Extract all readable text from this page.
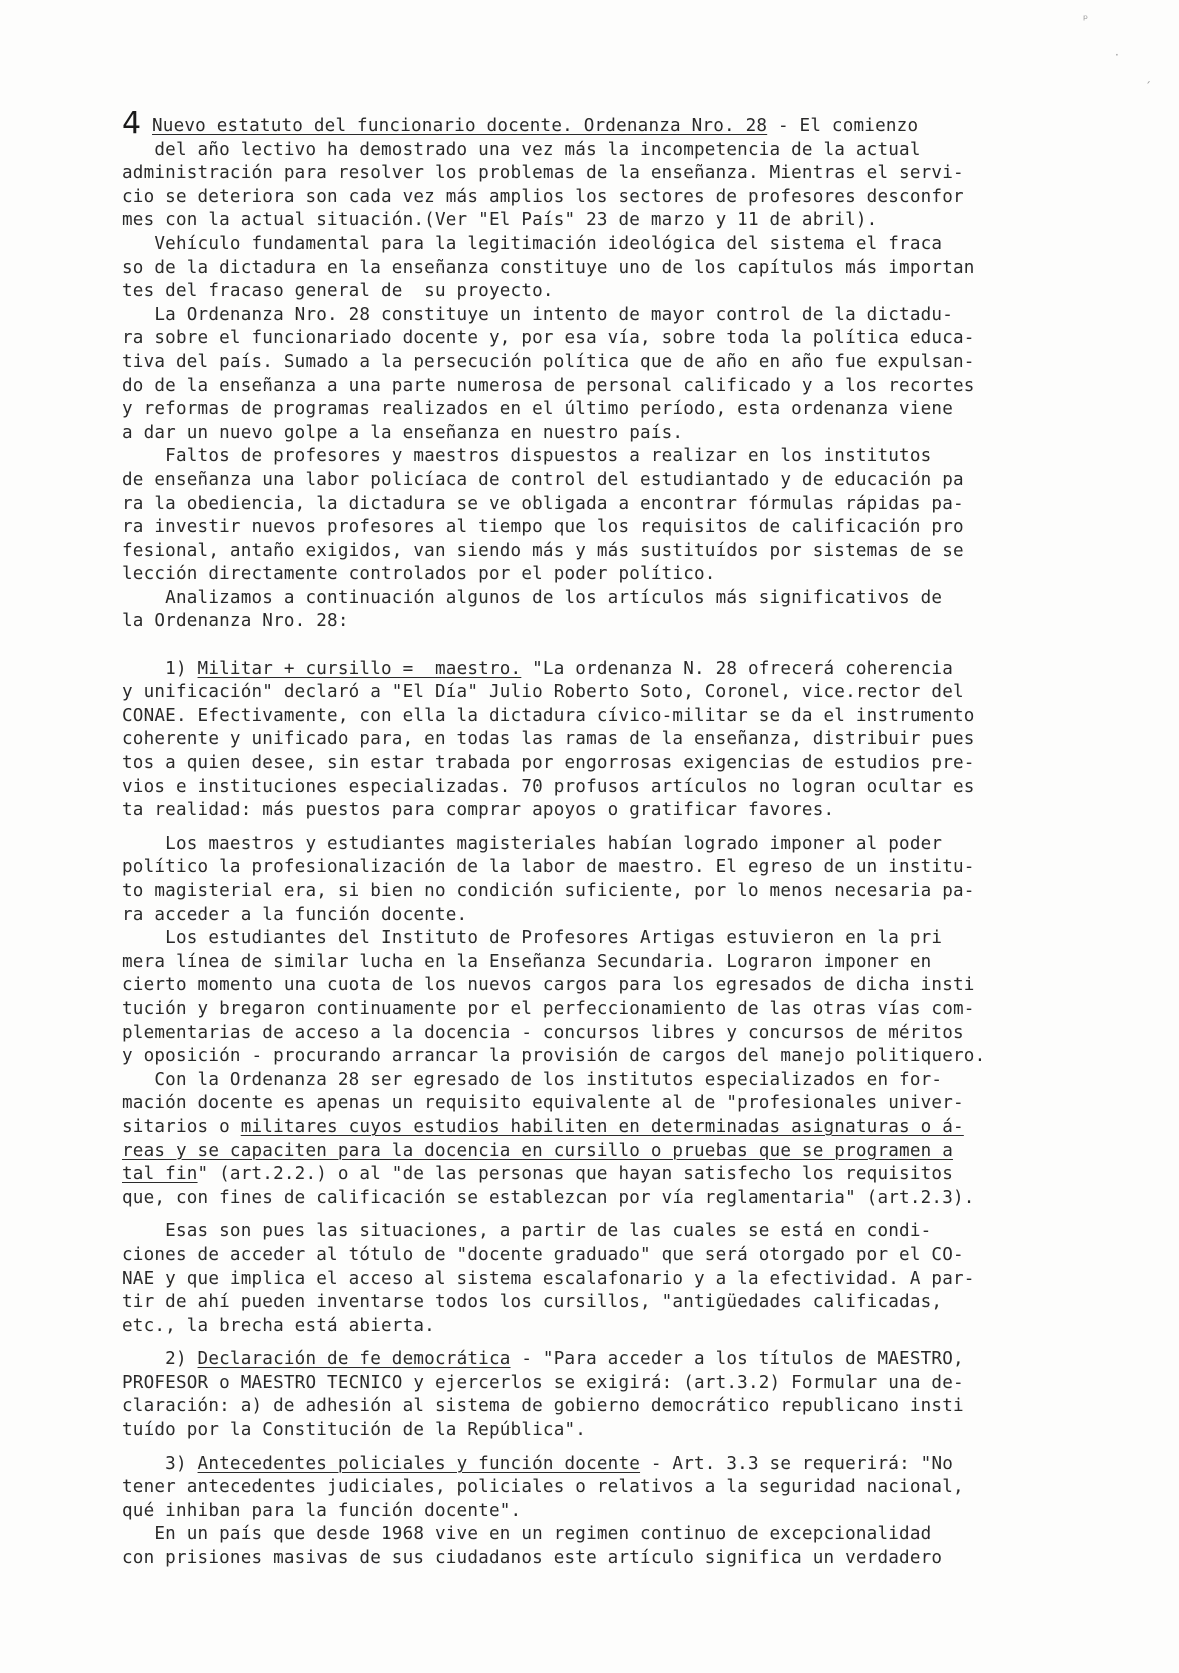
ᵖ
·
ˊ
4 Nuevo estatuto del funcionario docente. Ordenanza Nro. 28 - El comienzo
del año lectivo ha demostrado una vez más la incompetencia de la actual
administración para resolver los problemas de la enseñanza. Mientras el servi-
cio se deteriora son cada vez más amplios los sectores de profesores desconfor
mes con la actual situación.(Ver "El País" 23 de marzo y 11 de abril).
Vehículo fundamental para la legitimación ideológica del sistema el fraca
so de la dictadura en la enseñanza constituye uno de los capítulos más importan
tes del fracaso general de  su proyecto.
La Ordenanza Nro. 28 constituye un intento de mayor control de la dictadu-
ra sobre el funcionariado docente y, por esa vía, sobre toda la política educa-
tiva del país. Sumado a la persecución política que de año en año fue expulsan-
do de la enseñanza a una parte numerosa de personal calificado y a los recortes
y reformas de programas realizados en el último período, esta ordenanza viene
a dar un nuevo golpe a la enseñanza en nuestro país.
Faltos de profesores y maestros dispuestos a realizar en los institutos
de enseñanza una labor policíaca de control del estudiantado y de educación pa
ra la obediencia, la dictadura se ve obligada a encontrar fórmulas rápidas pa-
ra investir nuevos profesores al tiempo que los requisitos de calificación pro
fesional, antaño exigidos, van siendo más y más sustituídos por sistemas de se
lección directamente controlados por el poder político.
Analizamos a continuación algunos de los artículos más significativos de
la Ordenanza Nro. 28:
1) Militar + cursillo =  maestro. "La ordenanza N. 28 ofrecerá coherencia
y unificación" declaró a "El Día" Julio Roberto Soto, Coronel, vice.rector del
CONAE. Efectivamente, con ella la dictadura cívico-militar se da el instrumento
coherente y unificado para, en todas las ramas de la enseñanza, distribuir pues
tos a quien desee, sin estar trabada por engorrosas exigencias de estudios pre-
vios e instituciones especializadas. 70 profusos artículos no logran ocultar es
ta realidad: más puestos para comprar apoyos o gratificar favores.
Los maestros y estudiantes magisteriales habían logrado imponer al poder
político la profesionalización de la labor de maestro. El egreso de un institu-
to magisterial era, si bien no condición suficiente, por lo menos necesaria pa-
ra acceder a la función docente.
Los estudiantes del Instituto de Profesores Artigas estuvieron en la pri
mera línea de similar lucha en la Enseñanza Secundaria. Lograron imponer en
cierto momento una cuota de los nuevos cargos para los egresados de dicha insti
tución y bregaron continuamente por el perfeccionamiento de las otras vías com-
plementarias de acceso a la docencia - concursos libres y concursos de méritos
y oposición - procurando arrancar la provisión de cargos del manejo politiquero.
Con la Ordenanza 28 ser egresado de los institutos especializados en for-
mación docente es apenas un requisito equivalente al de "profesionales univer-
sitarios o militares cuyos estudios habiliten en determinadas asignaturas o á-
reas y se capaciten para la docencia en cursillo o pruebas que se programen a
tal fin" (art.2.2.) o al "de las personas que hayan satisfecho los requisitos
que, con fines de calificación se establezcan por vía reglamentaria" (art.2.3).
Esas son pues las situaciones, a partir de las cuales se está en condi-
ciones de acceder al tótulo de "docente graduado" que será otorgado por el CO-
NAE y que implica el acceso al sistema escalafonario y a la efectividad. A par-
tir de ahí pueden inventarse todos los cursillos, "antigüedades calificadas,
etc., la brecha está abierta.
2) Declaración de fe democrática - "Para acceder a los títulos de MAESTRO,
PROFESOR o MAESTRO TECNICO y ejercerlos se exigirá: (art.3.2) Formular una de-
claración: a) de adhesión al sistema de gobierno democrático republicano insti
tuído por la Constitución de la República".
3) Antecedentes policiales y función docente - Art. 3.3 se requerirá: "No
tener antecedentes judiciales, policiales o relativos a la seguridad nacional,
qué inhiban para la función docente".
En un país que desde 1968 vive en un regimen continuo de excepcionalidad
con prisiones masivas de sus ciudadanos este artículo significa un verdadero
